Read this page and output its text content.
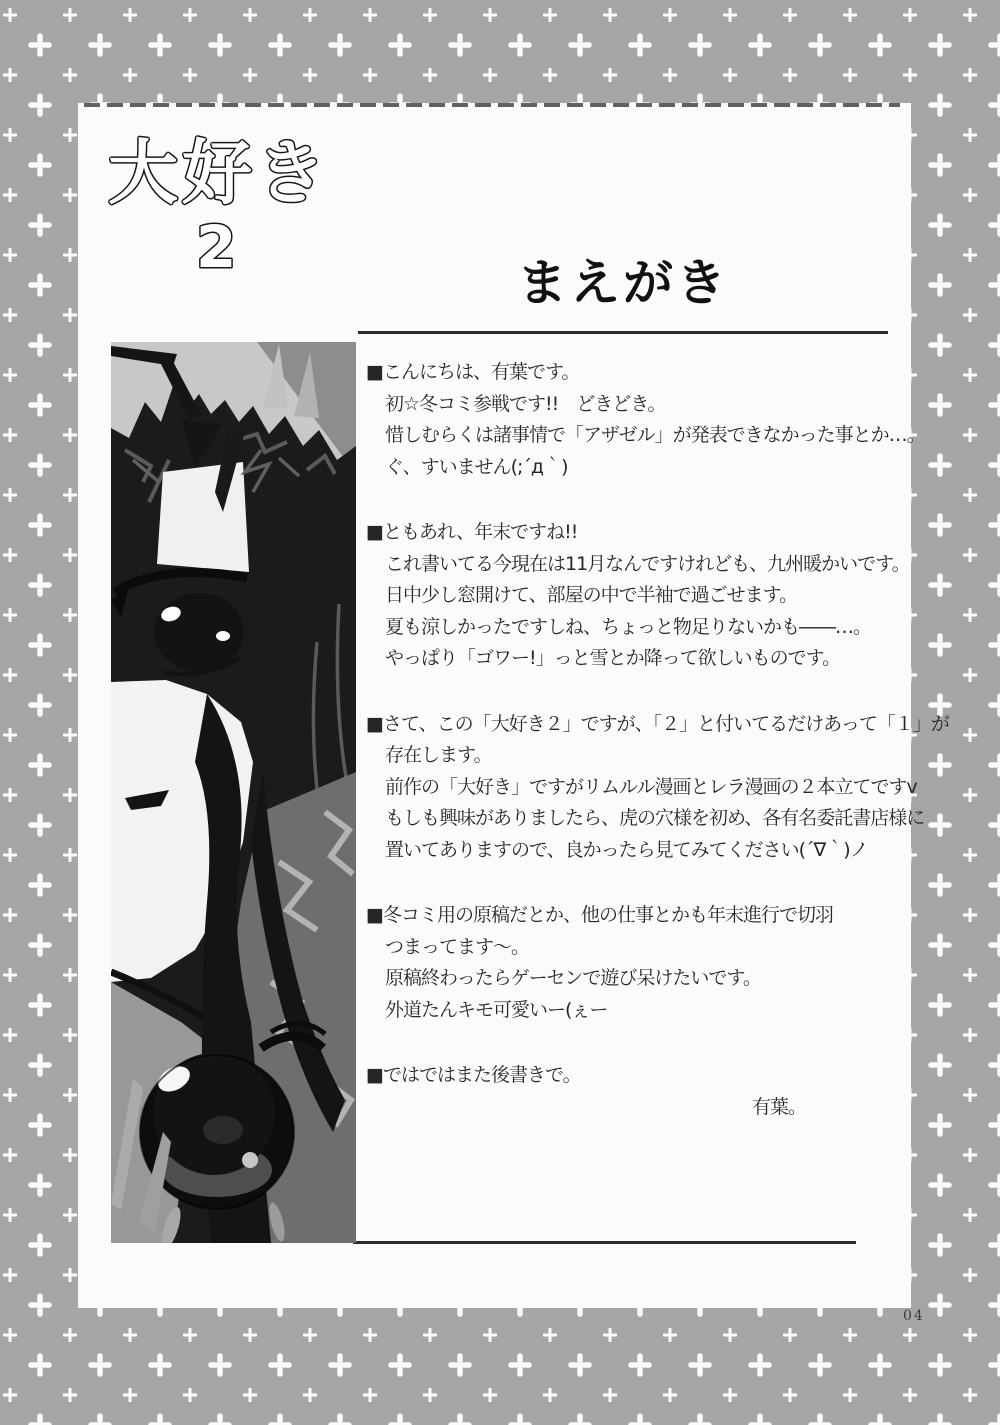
大好き
2
まえがき
■こんにちは、有葉です。
初☆冬コミ参戦です!!　どきどき。
惜しむらくは諸事情で「アザゼル」が発表できなかった事とか…。
ぐ、すいません(;´д｀)
■ともあれ、年末ですね!!
これ書いてる今現在は11月なんですけれども、九州暖かいです。
日中少し窓開けて、部屋の中で半袖で過ごせます。
夏も涼しかったですしね、ちょっと物足りないかも――…。
やっぱり「ゴワー!」っと雪とか降って欲しいものです。
■さて、この「大好き２」ですが、「２」と付いてるだけあって「１」が
存在します。
前作の「大好き」ですがリムルル漫画とレラ漫画の２本立てですv
もしも興味がありましたら、虎の穴様を初め、各有名委託書店様に
置いてありますので、良かったら見てみてください(´∇｀)ノ
■冬コミ用の原稿だとか、他の仕事とかも年末進行で切羽
つまってます～。
原稿終わったらゲーセンで遊び呆けたいです。
外道たんキモ可愛いー(ぇー
■ではではまた後書きで。
有葉。
04
